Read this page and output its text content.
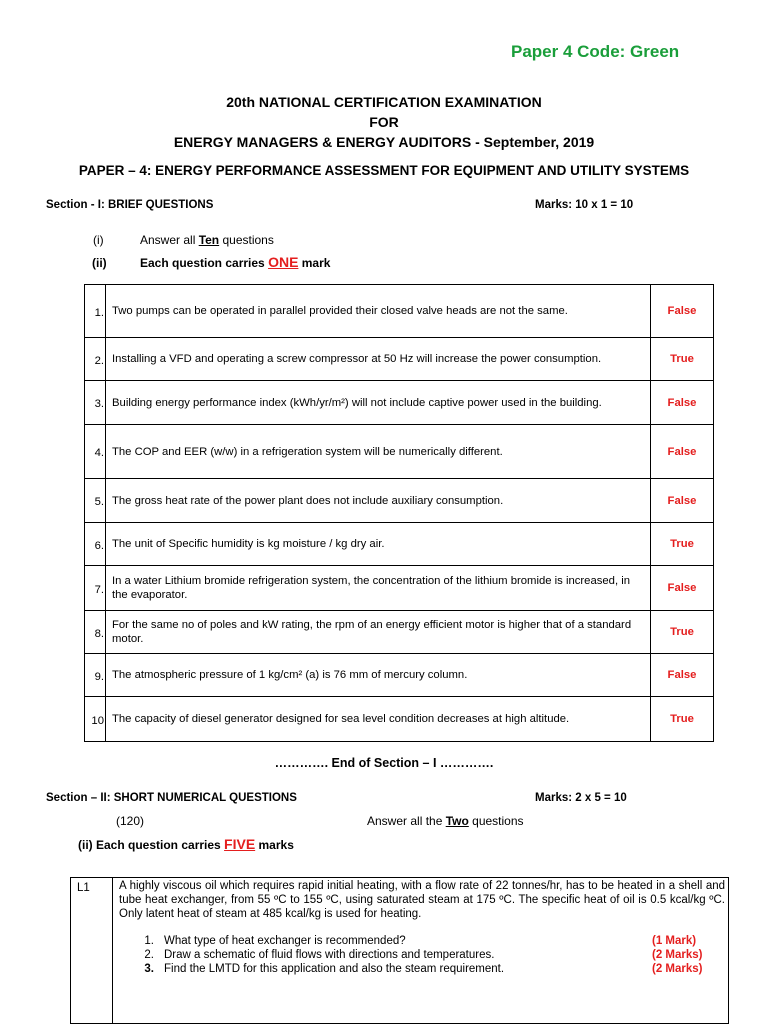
Paper 4 Code: Green
20th NATIONAL CERTIFICATION EXAMINATION
FOR
ENERGY MANAGERS & ENERGY AUDITORS - September, 2019
PAPER – 4: ENERGY PERFORMANCE ASSESSMENT FOR EQUIPMENT AND UTILITY SYSTEMS
Section - I: BRIEF QUESTIONS	Marks: 10 x 1 = 10
(i)	Answer all Ten questions
(ii)	Each question carries ONE mark
1.	Two pumps can be operated in parallel provided their closed valve heads are not the same.	False
2.	Installing a VFD and operating a screw compressor at 50 Hz will increase the power consumption.	True
3.	Building energy performance index (kWh/yr/m²) will not include captive power used in the building.	False
4.	The COP and EER (w/w) in a refrigeration system will be numerically different.	False
5.	The gross heat rate of the power plant does not include auxiliary consumption.	False
6.	The unit of Specific humidity is kg moisture / kg dry air.	True
7.	In a water Lithium bromide refrigeration system, the concentration of the lithium bromide is increased, in the evaporator.	False
8.	For the same no of poles and kW rating, the rpm of an energy efficient motor is higher that of a standard motor.	True
9.	The atmospheric pressure of 1 kg/cm² (a) is 76 mm of mercury column.	False
10	The capacity of diesel generator designed for sea level condition decreases at high altitude.	True
…………. End of Section – I ………….
Section – II: SHORT NUMERICAL QUESTIONS	Marks: 2 x 5 = 10
(120)	Answer all the Two questions
(ii) Each question carries FIVE marks
L1	A highly viscous oil which requires rapid initial heating, with a flow rate of 22 tonnes/hr, has to be heated in a shell and tube heat exchanger, from 55 ºC to 155 ºC, using saturated steam at 175 ºC. The specific heat of oil is 0.5 kcal/kg ºC. Only latent heat of steam at 485 kcal/kg is used for heating.
1. What type of heat exchanger is recommended?	(1 Mark)
2. Draw a schematic of fluid flows with directions and temperatures.	(2 Marks)
3. Find the LMTD for this application and also the steam requirement.	(2 Marks)
